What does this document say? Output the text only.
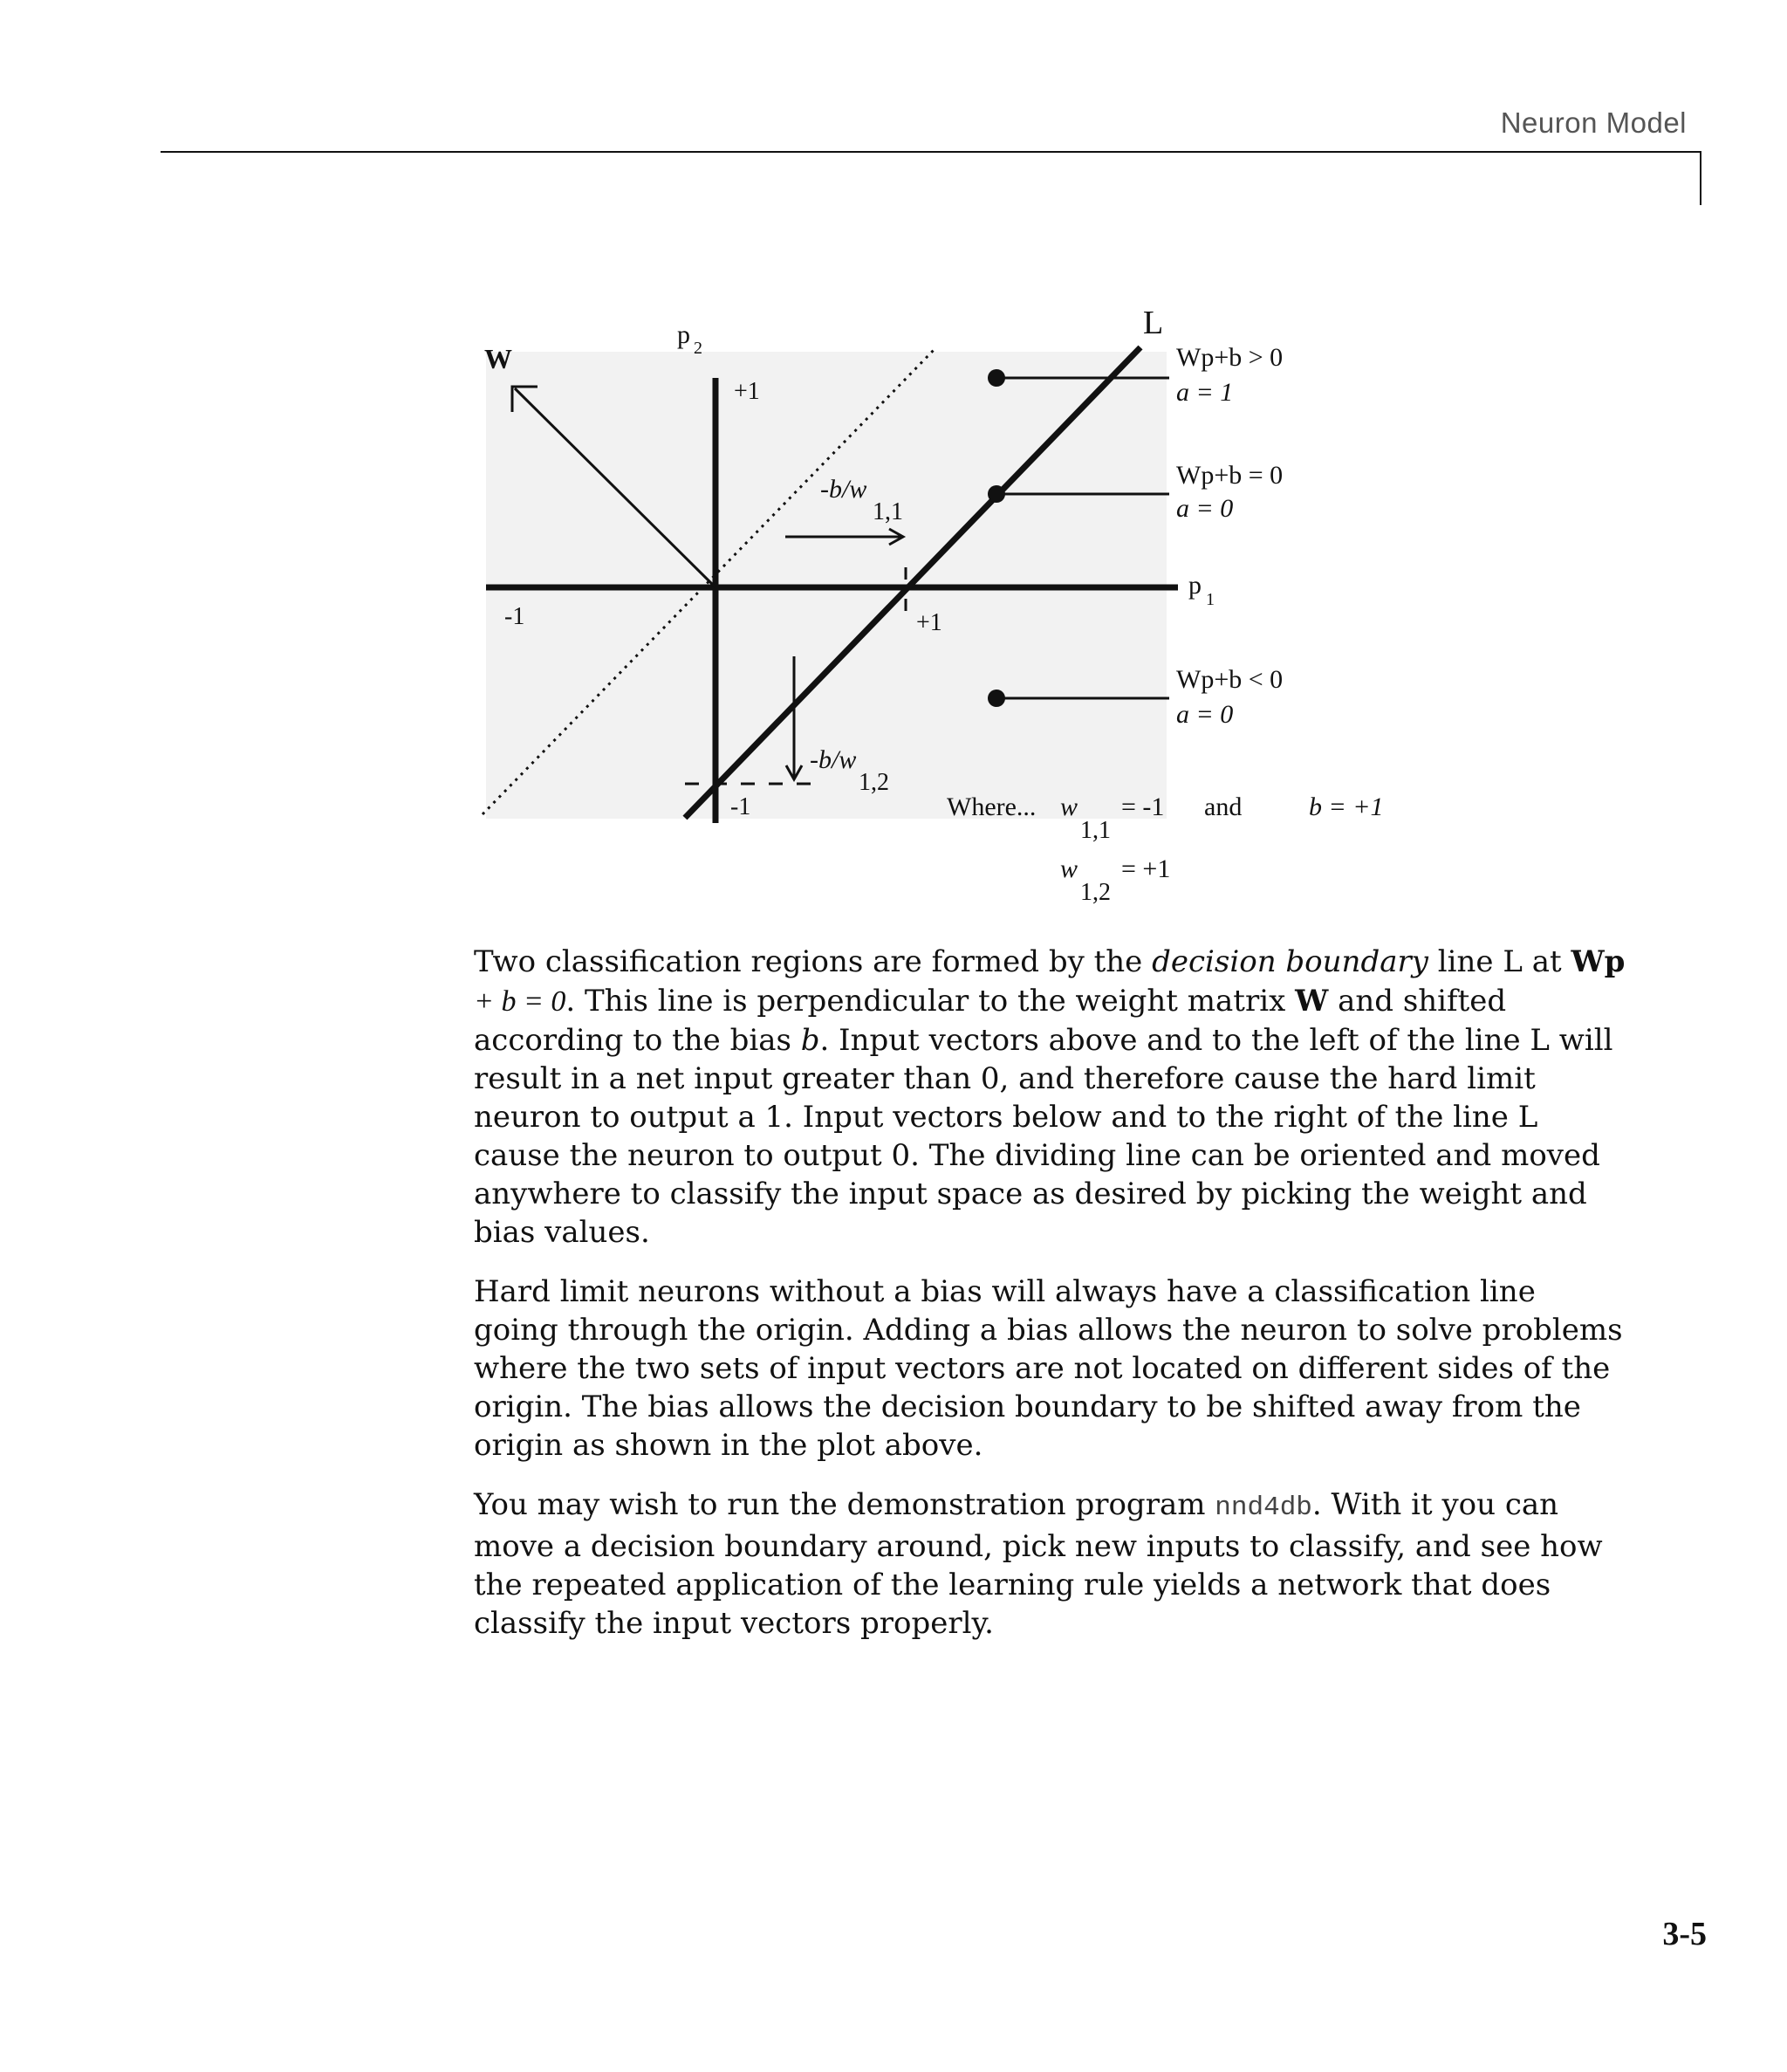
Neuron Model
W
p 2
p 1
L
+1
-1	+1
-1
-b/w
1,1
-b/w
1,2
Wp+b > 0
a = 1
Wp+b = 0
a = 0
Wp+b < 0
a = 0
Where... w
1,1
= -1 and	b = +1
w
1,2
= +1

Two classification regions are formed by the decision boundary line L at Wp + b = 0. This line is perpendicular to the weight matrix W and shifted according to the bias b. Input vectors above and to the left of the line L will result in a net input greater than 0, and therefore cause the hard limit neuron to output a 1. Input vectors below and to the right of the line L cause the neuron to output 0. The dividing line can be oriented and moved anywhere to classify the input space as desired by picking the weight and bias values.

Hard limit neurons without a bias will always have a classification line going through the origin. Adding a bias allows the neuron to solve problems where the two sets of input vectors are not located on different sides of the origin. The bias allows the decision boundary to be shifted away from the origin as shown in the plot above.

You may wish to run the demonstration program nnd4db. With it you can move a decision boundary around, pick new inputs to classify, and see how the repeated application of the learning rule yields a network that does classify the input vectors properly.

3-5
